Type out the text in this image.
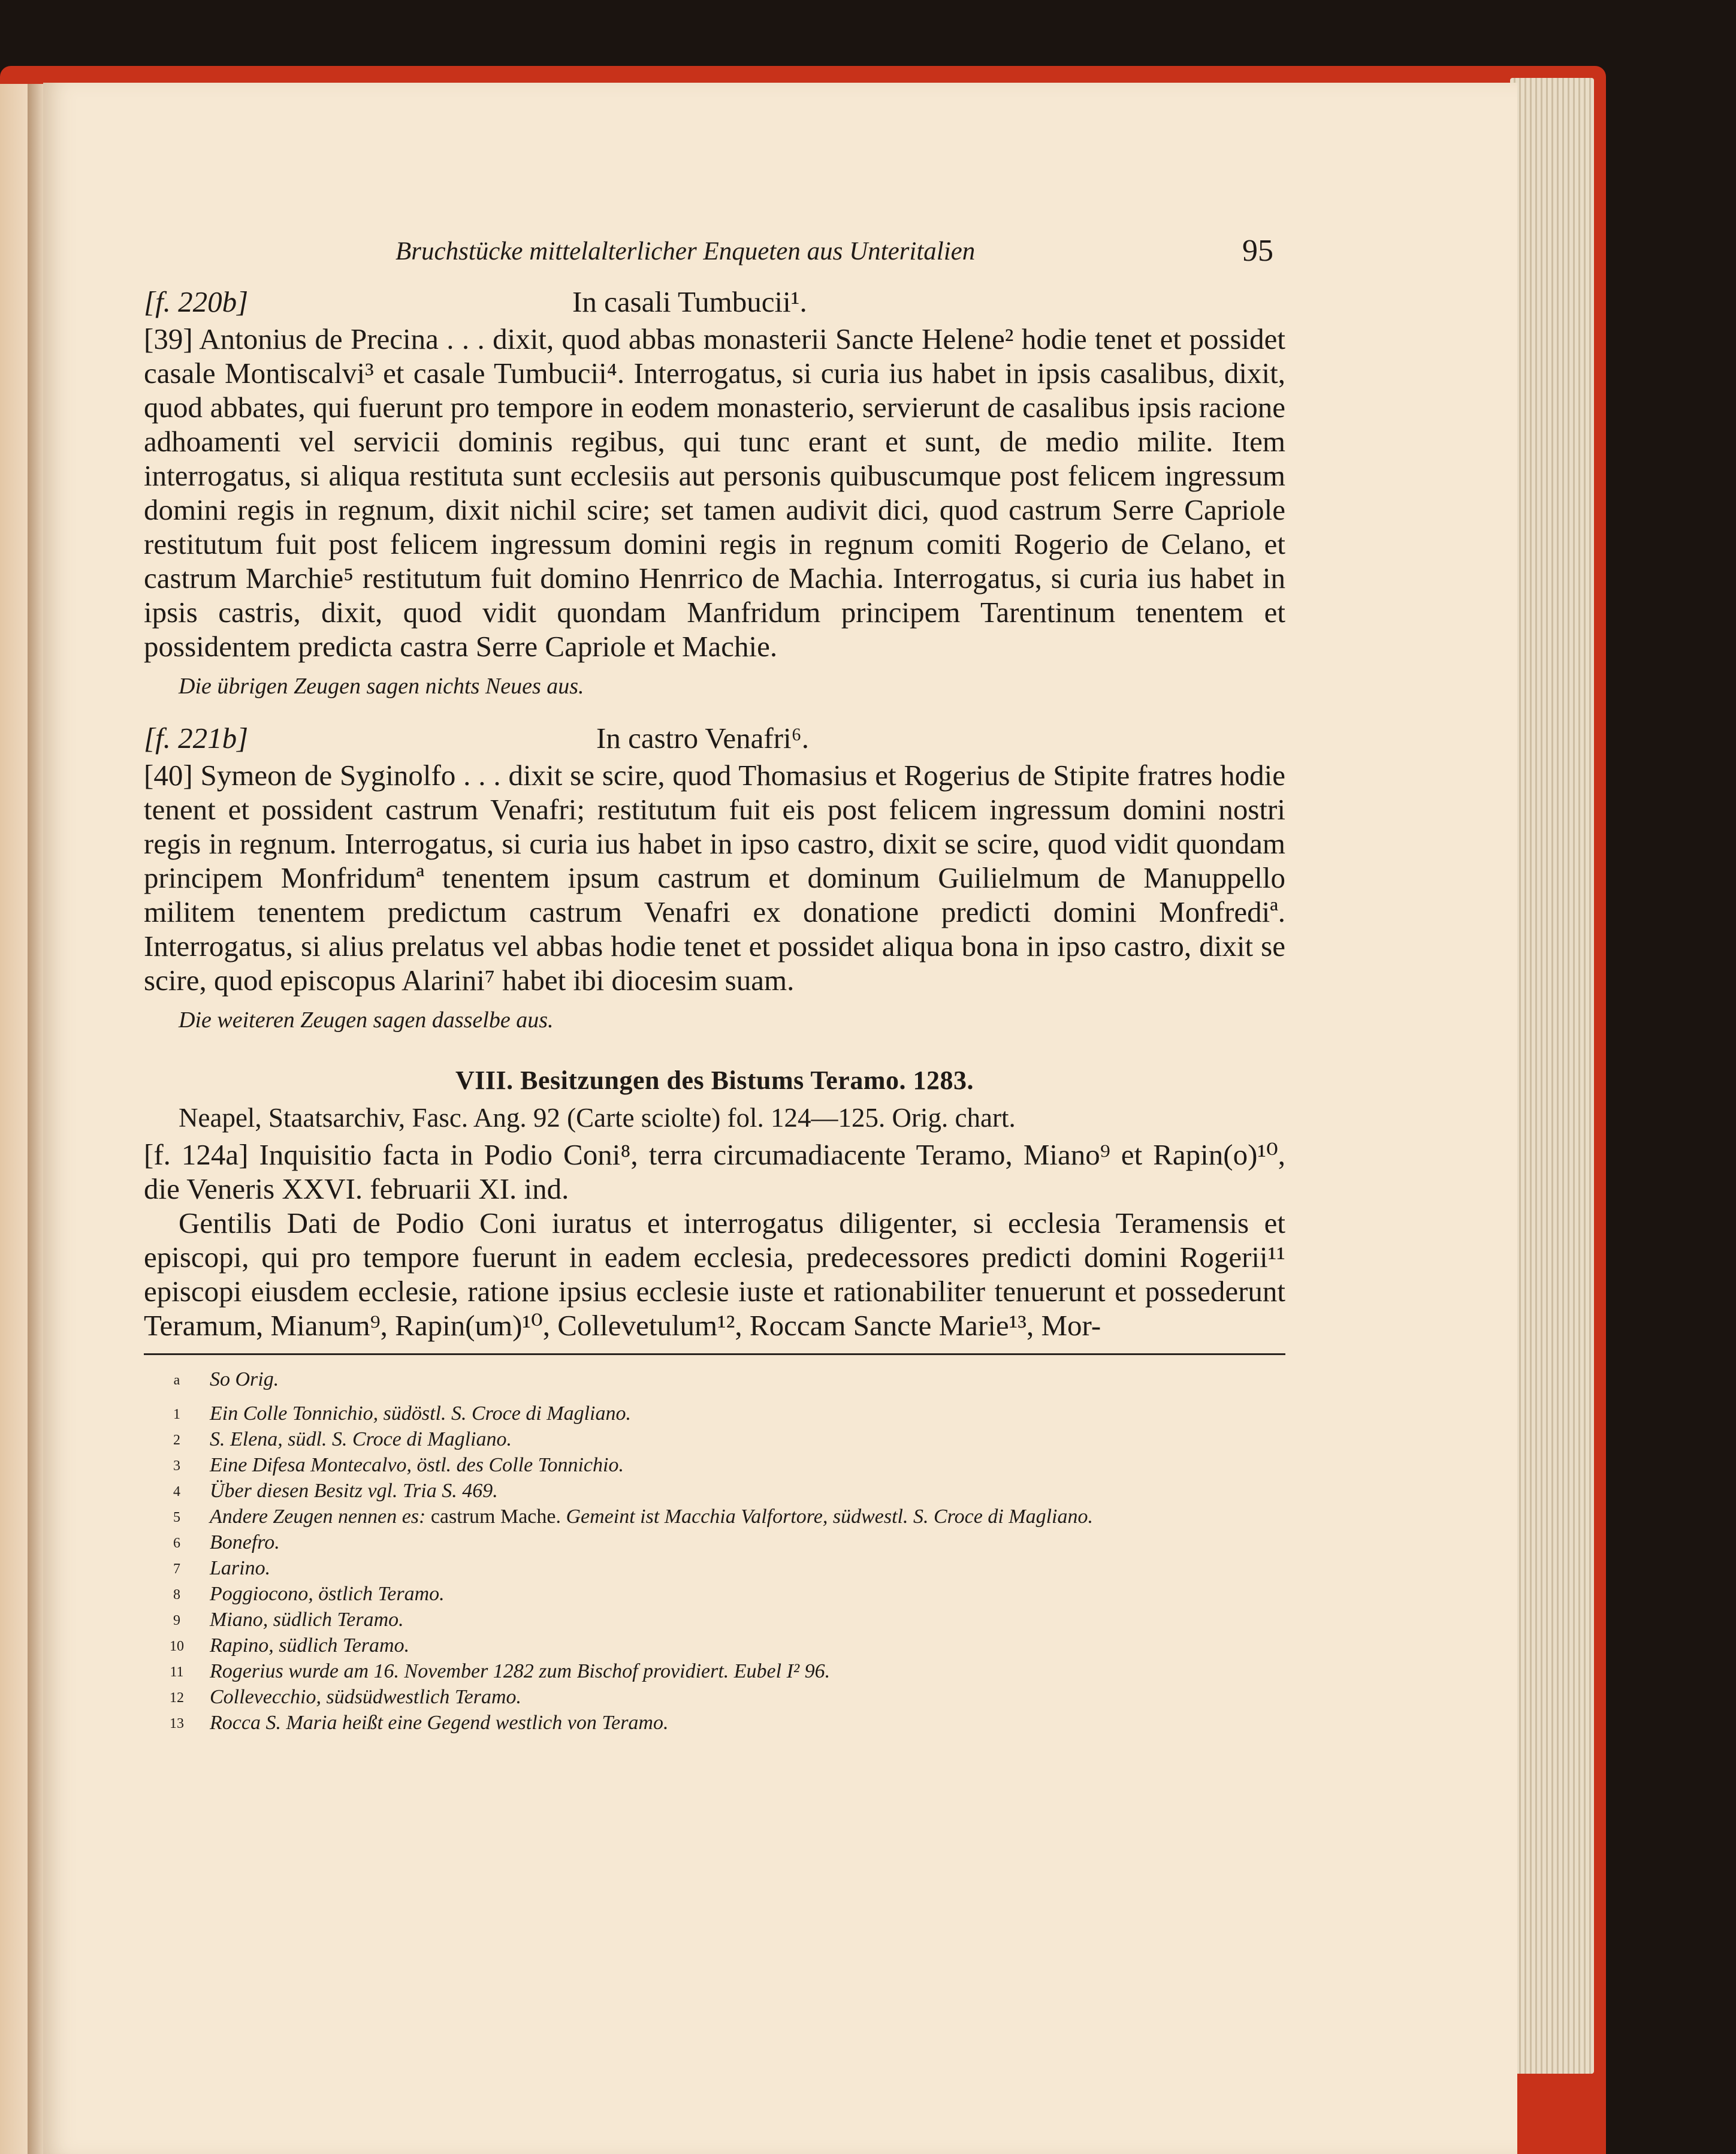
Bruchstücke mittelalterlicher Enqueten aus Unteritalien	95
[f. 220b]	In casali Tumbucii¹.

[39] Antonius de Precina . . . dixit, quod abbas monasterii Sancte Helene² hodie tenet et possidet casale Montiscalvi³ et casale Tumbucii⁴. Interrogatus, si curia ius habet in ipsis casalibus, dixit, quod abbates, qui fuerunt pro tempore in eodem monasterio, servierunt de casalibus ipsis racione adhoamenti vel servicii dominis regibus, qui tunc erant et sunt, de medio milite. Item interrogatus, si aliqua restituta sunt ecclesiis aut personis quibuscumque post felicem ingressum domini regis in regnum, dixit nichil scire; set tamen audivit dici, quod castrum Serre Capriole restitutum fuit post felicem ingressum domini regis in regnum comiti Rogerio de Celano, et castrum Marchie⁵ restitutum fuit domino Henrrico de Machia. Interrogatus, si curia ius habet in ipsis castris, dixit, quod vidit quondam Manfridum principem Tarentinum tenentem et possidentem predicta castra Serre Capriole et Machie.

Die übrigen Zeugen sagen nichts Neues aus.
[f. 221b]	In castro Venafri⁶.

[40] Symeon de Syginolfo . . . dixit se scire, quod Thomasius et Rogerius de Stipite fratres hodie tenent et possident castrum Venafri; restitutum fuit eis post felicem ingressum domini nostri regis in regnum. Interrogatus, si curia ius habet in ipso castro, dixit se scire, quod vidit quondam principem Monfridumª tenentem ipsum castrum et dominum Guilielmum de Manuppello militem tenentem predictum castrum Venafri ex donatione predicti domini Monfrediª. Interrogatus, si alius prelatus vel abbas hodie tenet et possidet aliqua bona in ipso castro, dixit se scire, quod episcopus Alarini⁷ habet ibi diocesim suam.

Die weiteren Zeugen sagen dasselbe aus.
VIII. Besitzungen des Bistums Teramo. 1283.
Neapel, Staatsarchiv, Fasc. Ang. 92 (Carte sciolte) fol. 124—125. Orig. chart.

[f. 124a] Inquisitio facta in Podio Coni⁸, terra circumadiacente Teramo, Miano⁹ et Rapin(o)¹⁰, die Veneris XXVI. februarii XI. ind.

Gentilis Dati de Podio Coni iuratus et interrogatus diligenter, si ecclesia Teramensis et episcopi, qui pro tempore fuerunt in eadem ecclesia, predecessores predicti domini Rogerii¹¹ episcopi eiusdem ecclesie, ratione ipsius ecclesie iuste et rationabiliter tenuerunt et possederunt Teramum, Mianum⁹, Rapin(um)¹⁰, Collevetulum¹², Roccam Sancte Marie¹³, Mor-

a	So Orig.
1	Ein Colle Tonnichio, südöstl. S. Croce di Magliano.
2	S. Elena, südl. S. Croce di Magliano.
3	Eine Difesa Montecalvo, östl. des Colle Tonnichio.
4	Über diesen Besitz vgl. Tria S. 469.
5	Andere Zeugen nennen es: castrum Mache. Gemeint ist Macchia Valfortore, südwestl. S. Croce di Magliano.
6	Bonefro.
7	Larino.
8	Poggiocono, östlich Teramo.
9	Miano, südlich Teramo.
10	Rapino, südlich Teramo.
11	Rogerius wurde am 16. November 1282 zum Bischof providiert. Eubel I² 96.
12	Collevecchio, südsüdwestlich Teramo.
13	Rocca S. Maria heißt eine Gegend westlich von Teramo.
